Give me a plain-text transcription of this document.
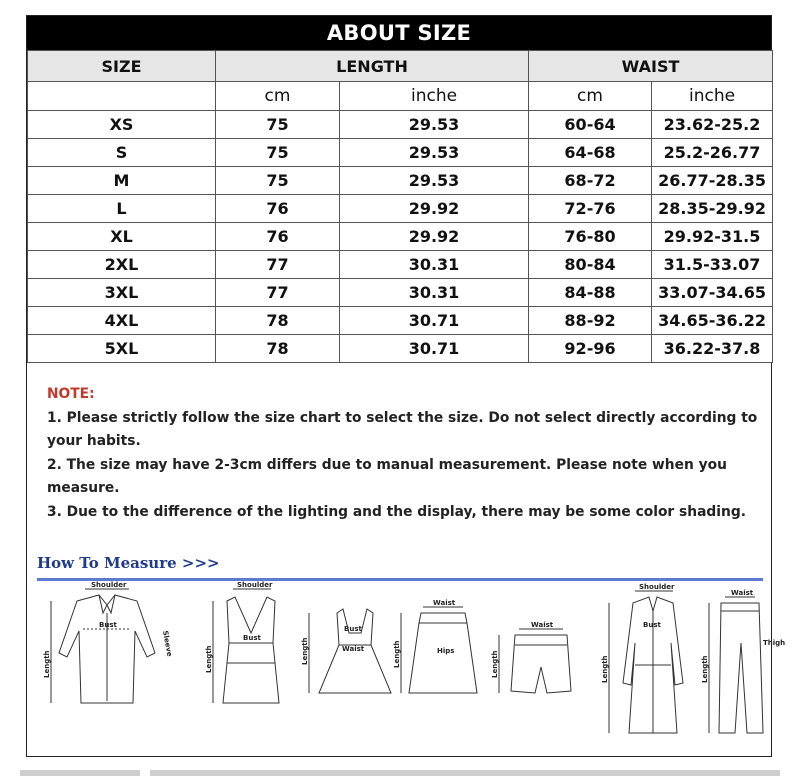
ABOUT SIZE
SIZE	LENGTH		WAIST	
	cm	inche	cm	inche
XS	75	29.53	60-64	23.62-25.2
S	75	29.53	64-68	25.2-26.77
M	75	29.53	68-72	26.77-28.35
L	76	29.92	72-76	28.35-29.92
XL	76	29.92	76-80	29.92-31.5
2XL	77	30.31	80-84	31.5-33.07
3XL	77	30.31	84-88	33.07-34.65
4XL	78	30.71	88-92	34.65-36.22
5XL	78	30.71	92-96	36.22-37.8
NOTE:
1. Please strictly follow the size chart to select the size. Do not select directly according to your habits.
2. The size may have 2-3cm differs due to manual measurement. Please note when you measure.
3. Due to the difference of the lighting and the display, there may be some color shading.
How To Measure >>>
Shoulder
Bust
Length
Sleeve
Shoulder
Bust
Length
Bust
Waist
Length
Waist
Hips
Length
Waist
Length
Shoulder
Bust
Length
Waist
Thigh
Length
